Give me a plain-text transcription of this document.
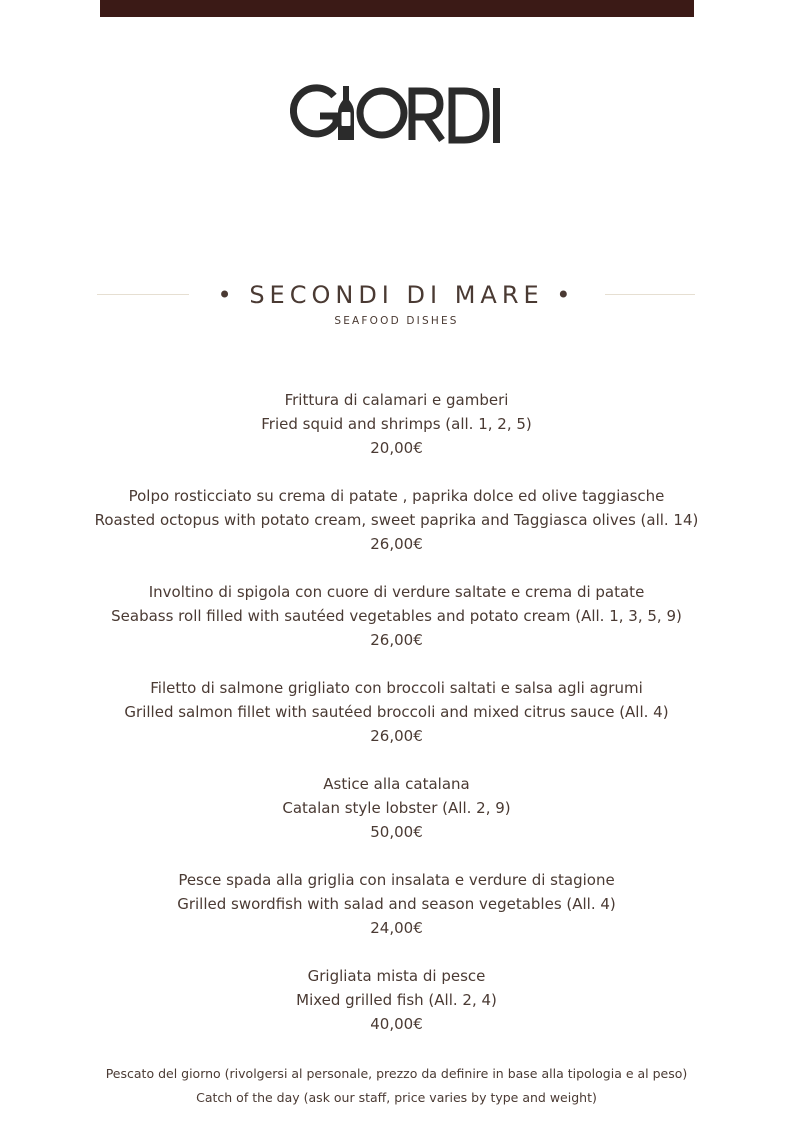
• SECONDI DI MARE •
SEAFOOD DISHES
Frittura di calamari e gamberi
Fried squid and shrimps (all. 1, 2, 5)
20,00€
Polpo rosticciato su crema di patate , paprika dolce ed olive taggiasche
Roasted octopus with potato cream, sweet paprika and Taggiasca olives (all. 14)
26,00€
Involtino di spigola con cuore di verdure saltate e crema di patate
Seabass roll filled with sautéed vegetables and potato cream (All. 1, 3, 5, 9)
26,00€
Filetto di salmone grigliato con broccoli saltati e salsa agli agrumi
Grilled salmon fillet with sautéed broccoli and mixed citrus sauce (All. 4)
26,00€
Astice alla catalana
Catalan style lobster (All. 2, 9)
50,00€
Pesce spada alla griglia con insalata e verdure di stagione
Grilled swordfish with salad and season vegetables (All. 4)
24,00€
Grigliata mista di pesce
Mixed grilled fish (All. 2, 4)
40,00€
Pescato del giorno (rivolgersi al personale, prezzo da definire in base alla tipologia e al peso)
Catch of the day (ask our staff, price varies by type and weight)
